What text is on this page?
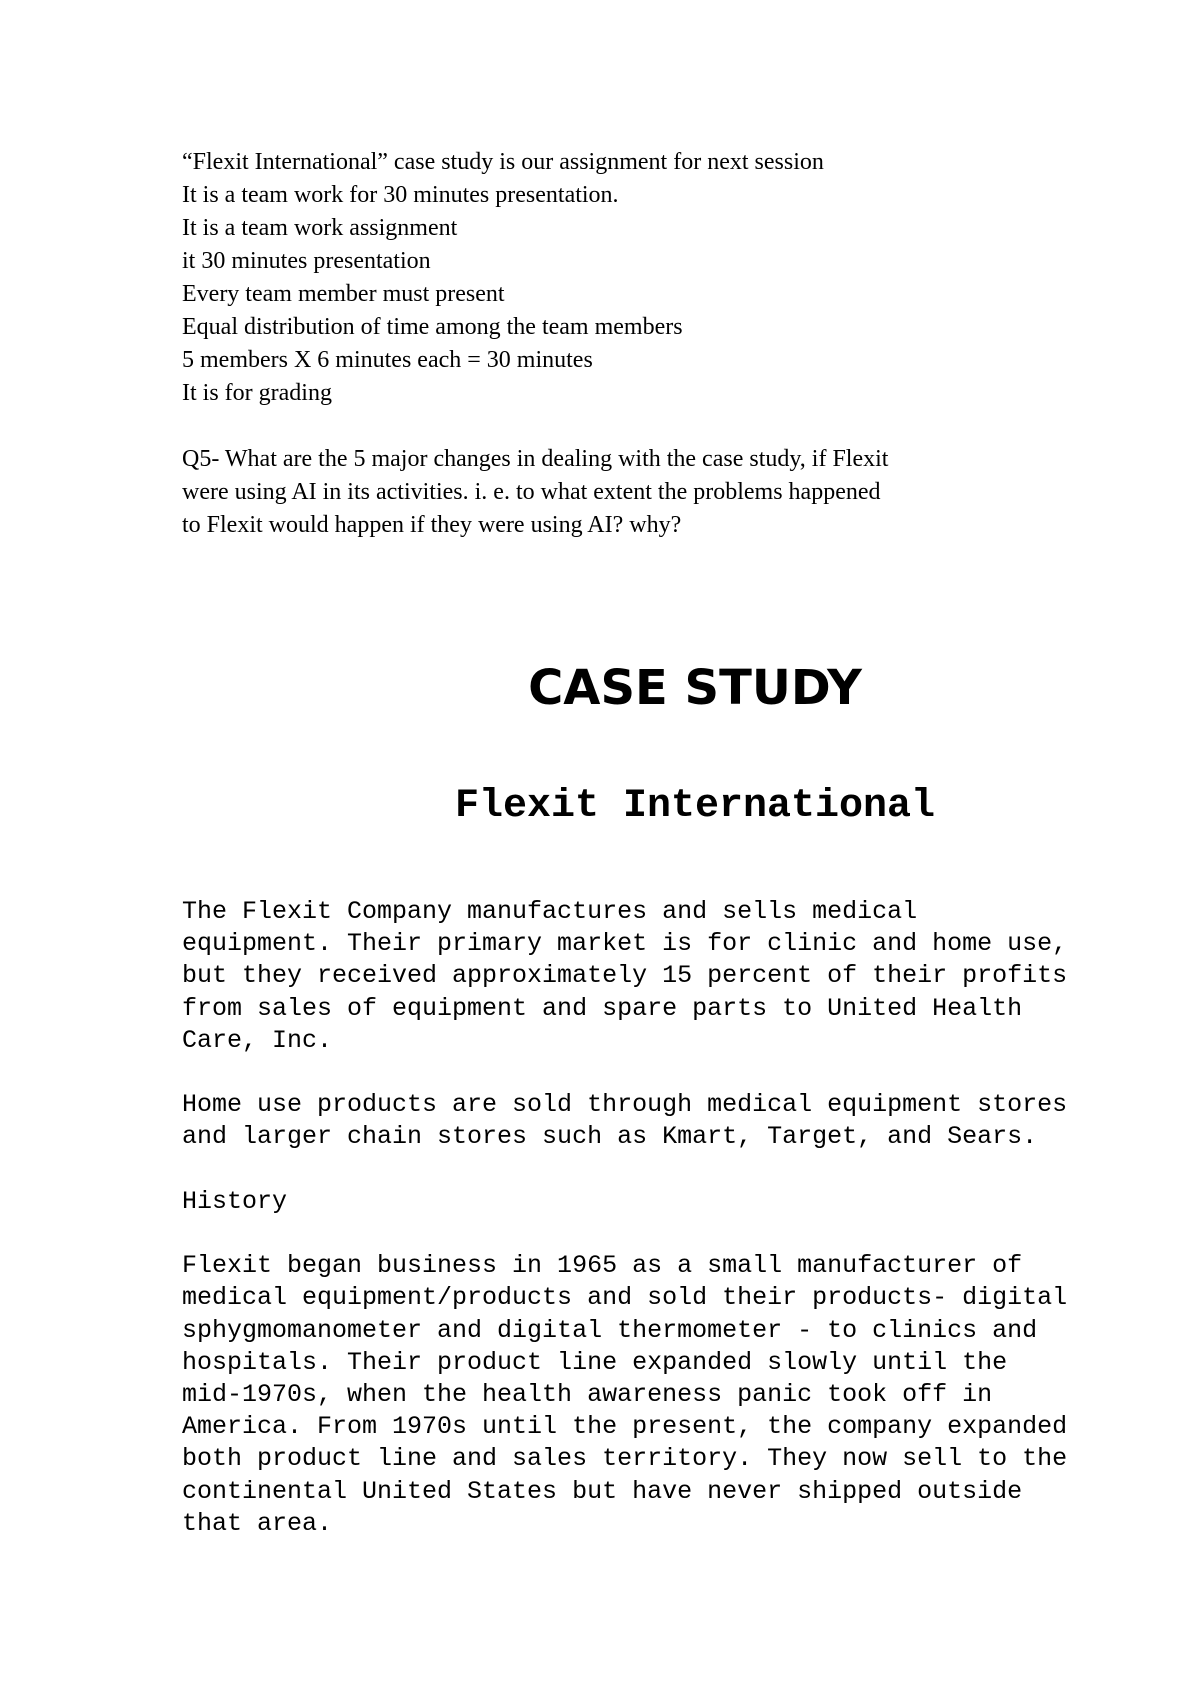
“Flexit International” case study is our assignment for next session

It is a team work for 30 minutes presentation.

It is a team work assignment

it 30 minutes presentation

Every team member must present

Equal distribution of time among the team members

5 members X 6 minutes each = 30 minutes

It is for grading

Q5- What are the 5 major changes in dealing with the case study, if Flexit

were using AI in its activities. i. e. to what extent the problems happened

to Flexit would happen if they were using AI? why?

CASE STUDY
Flexit International

The Flexit Company manufactures and sells medical
equipment. Their primary market is for clinic and home use,
but they received approximately 15 percent of their profits
from sales of equipment and spare parts to United Health
Care, Inc.

Home use products are sold through medical equipment stores
and larger chain stores such as Kmart, Target, and Sears.

History

Flexit began business in 1965 as a small manufacturer of
medical equipment/products and sold their products- digital
sphygmomanometer and digital thermometer - to clinics and
hospitals. Their product line expanded slowly until the
mid-1970s, when the health awareness panic took off in
America. From 1970s until the present, the company expanded
both product line and sales territory. They now sell to the
continental United States but have never shipped outside
that area.
